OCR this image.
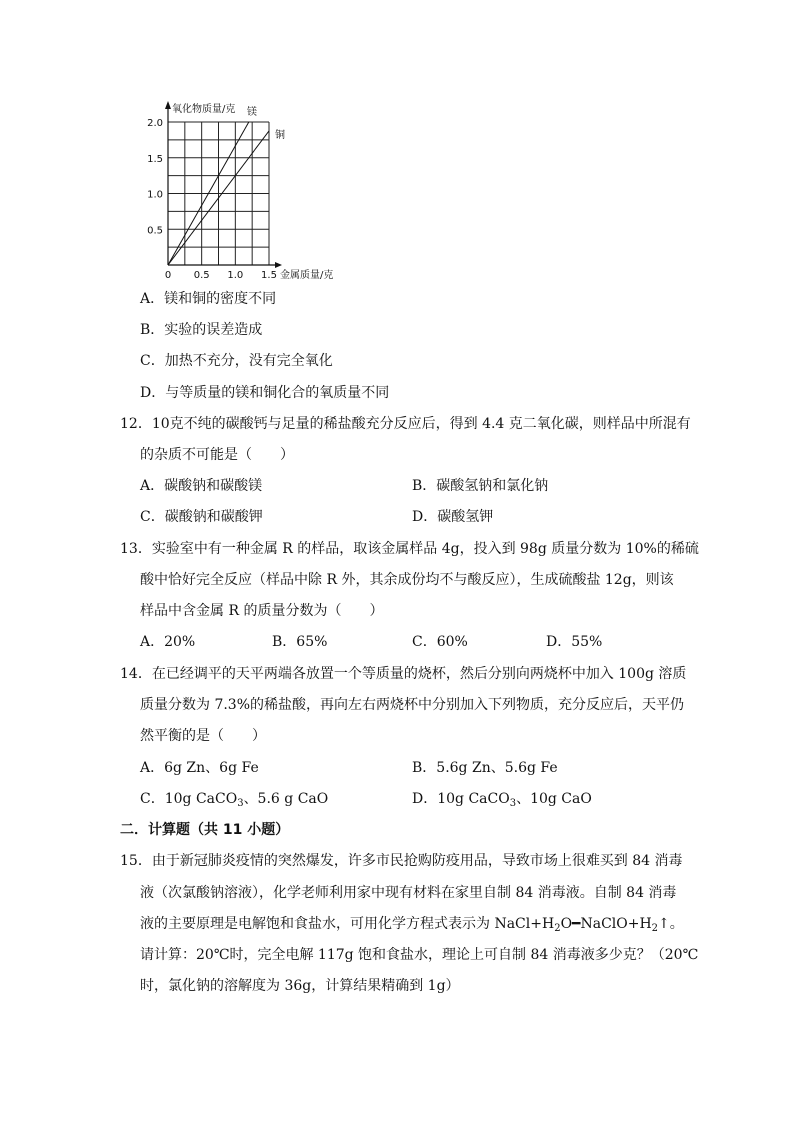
镁
铜
氧化物质量/克
金属质量/克
0 0.5 1.0 1.5
0.5
1.0
1.5
2.0
A．镁和铜的密度不同
B．实验的误差造成
C．加热不充分，没有完全氧化
D．与等质量的镁和铜化合的氧质量不同
12．10克不纯的碳酸钙与足量的稀盐酸充分反应后，得到 4.4 克二氧化碳，则样品中所混有
的杂质不可能是（　　）
A．碳酸钠和碳酸镁	B．碳酸氢钠和氯化钠
C．碳酸钠和碳酸钾	D．碳酸氢钾
13．实验室中有一种金属 R 的样品，取该金属样品 4g，投入到 98g 质量分数为 10%的稀硫
酸中恰好完全反应（样品中除 R 外，其余成份均不与酸反应），生成硫酸盐 12g，则该
样品中含金属 R 的质量分数为（　　）
A．20%	B．65%	C．60%	D．55%
14．在已经调平的天平两端各放置一个等质量的烧杯，然后分别向两烧杯中加入 100g 溶质
质量分数为 7.3%的稀盐酸，再向左右两烧杯中分别加入下列物质，充分反应后，天平仍
然平衡的是（　　）
A．6g Zn、6g Fe	B．5.6g Zn、5.6g Fe
C．10g CaCO$_3$、5.6 g CaO	D．10g CaCO$_3$、10g CaO
二．计算题（共 11 小题）
15．由于新冠肺炎疫情的突然爆发，许多市民抢购防疫用品，导致市场上很难买到 84 消毒
液（次氯酸钠溶液），化学老师利用家中现有材料在家里自制 84 消毒液。自制 84 消毒
液的主要原理是电解饱和食盐水，可用化学方程式表示为 $NaCl+H_2O━NaClO+H_2↑$。
请计算：20℃时，完全电解 117g 饱和食盐水，理论上可自制 84 消毒液多少克？（20℃
时，氯化钠的溶解度为 36g，计算结果精确到 1g）
